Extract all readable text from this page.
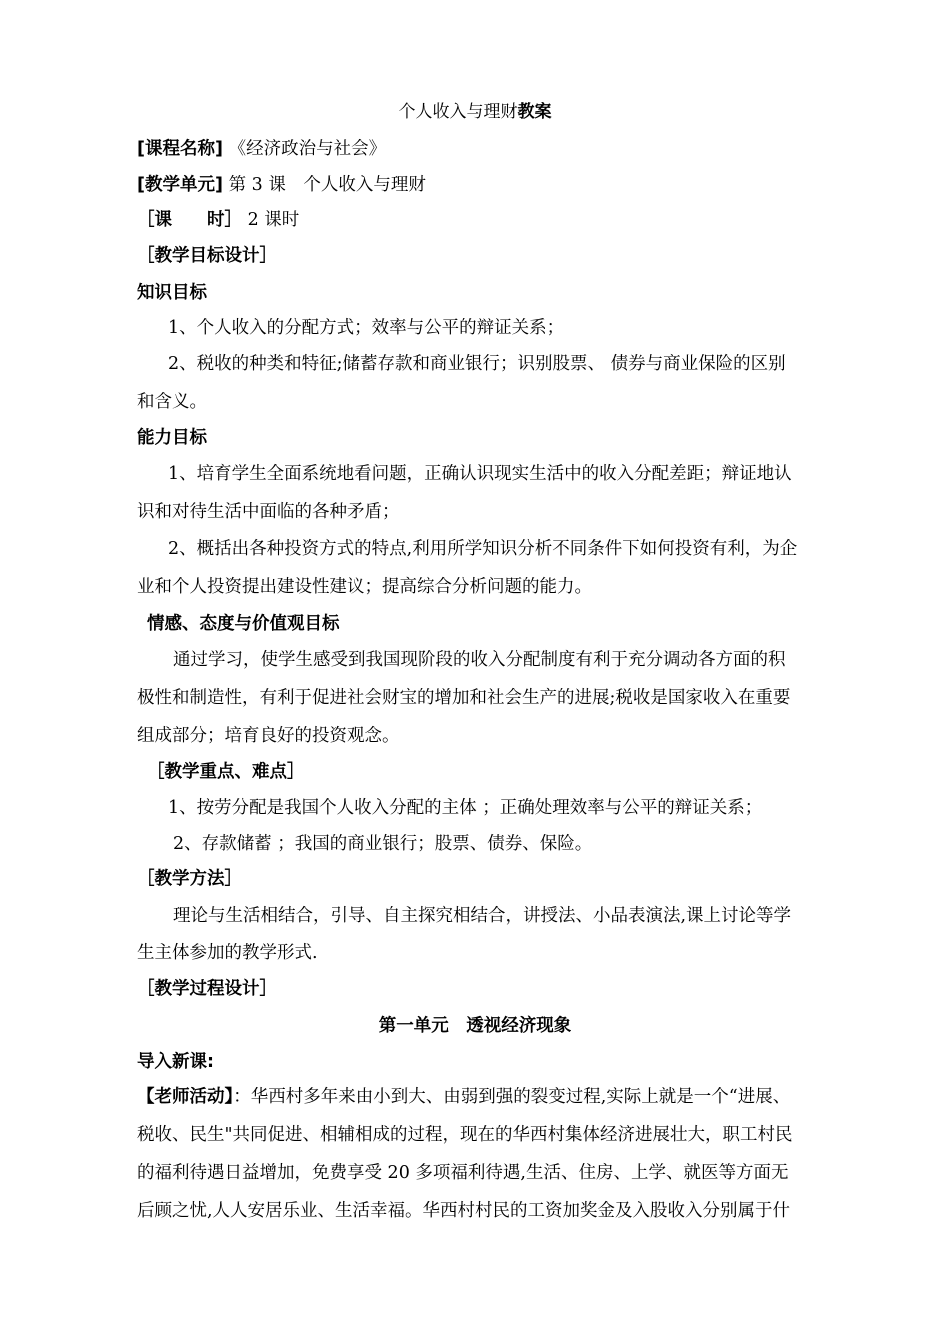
个人收入与理财教案
[课程名称] 《经济政治与社会》
[教学单元] 第 3 课　个人收入与理财
［课　　时］ 2 课时
［教学目标设计］
知识目标
1、个人收入的分配方式；效率与公平的辩证关系；
2、税收的种类和特征;储蓄存款和商业银行；识别股票、 债券与商业保险的区别
和含义。
能力目标
1、培育学生全面系统地看问题，正确认识现实生活中的收入分配差距；辩证地认
识和对待生活中面临的各种矛盾；
2、概括出各种投资方式的特点,利用所学知识分析不同条件下如何投资有利，为企
业和个人投资提出建设性建议；提高综合分析问题的能力。
情感、态度与价值观目标
通过学习，使学生感受到我国现阶段的收入分配制度有利于充分调动各方面的积
极性和制造性，有利于促进社会财宝的增加和社会生产的进展;税收是国家收入在重要
组成部分；培育良好的投资观念。
［教学重点、难点］
1、按劳分配是我国个人收入分配的主体 ；正确处理效率与公平的辩证关系；
2、存款储蓄 ；我国的商业银行；股票、债券、保险。
［教学方法］
理论与生活相结合，引导、自主探究相结合，讲授法、小品表演法,课上讨论等学
生主体参加的教学形式.
［教学过程设计］
第一单元　透视经济现象
导入新课:
【老师活动】：华西村多年来由小到大、由弱到强的裂变过程,实际上就是一个“进展、
税收、民生"共同促进、相辅相成的过程，现在的华西村集体经济进展壮大，职工村民
的福利待遇日益增加，免费享受 20 多项福利待遇,生活、住房、上学、就医等方面无
后顾之忧,人人安居乐业、生活幸福。华西村村民的工资加奖金及入股收入分别属于什
